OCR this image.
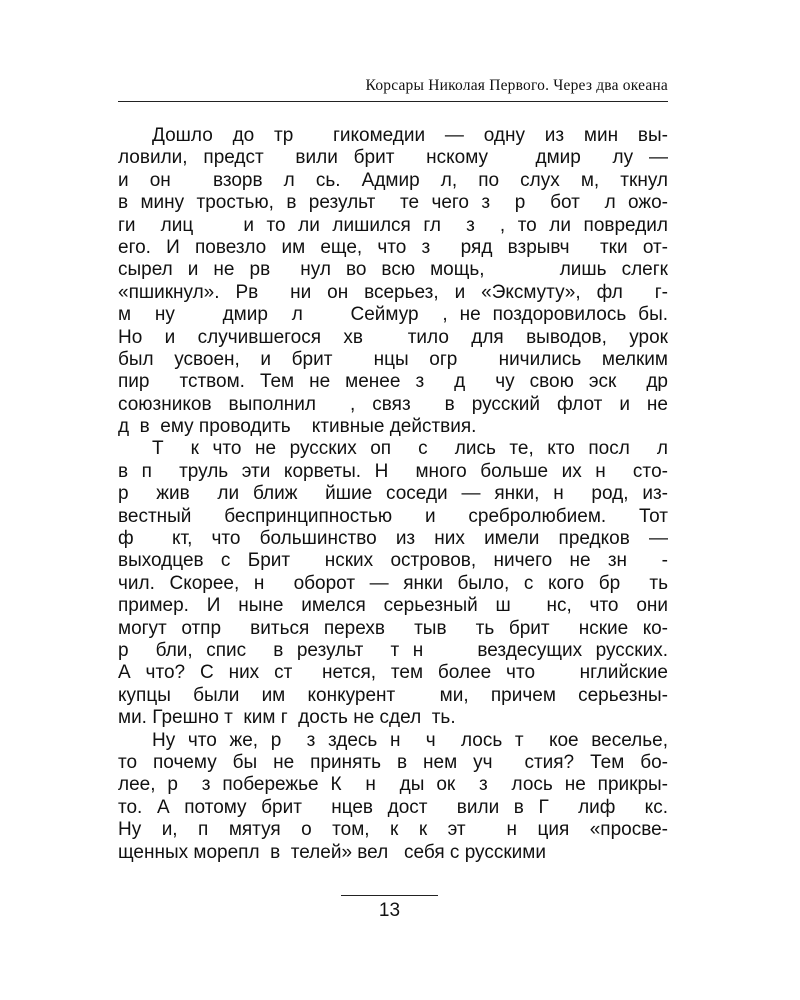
Корсары Николая Первого. Через два океана
Дошло до тр  гикомедии — одну из мин вы-
ловили, предст  вили брит  нскому   дмир  лу —
и  он    взорв  л  сь.  Адмир  л,  по  слух  м,  ткнул
в мину тростью, в результ  те чего з  р  бот  л ожо-
ги  лиц    и то ли лишился гл  з  , то ли повредил
его. И повезло им еще, что з  ряд взрывч  тки от-
сырел и не рв  нул во всю мощь,     лишь слегк
«пшикнул». Рв  ни он всерьез, и «Эксмуту», фл  г-
м  ну    дмир  л    Сеймур  , не поздоровилось бы.
Но и случившегося хв  тило для выводов, урок
был усвоен, и брит  нцы огр  ничились мелким
пир  тством. Тем не менее з  д  чу свою эск  др
союзников выполнил  , связ  в русский флот и не
д  в  ему проводить    ктивные действия.
Т  к что не русских оп  с  лись те, кто посл  л
в п  труль эти корветы. Н  много больше их н  стo-
р  жив  ли ближ  йшие соседи — янки, н  род, из-
вестный беспринципностью и сребролюбием. Тот
ф  кт, что большинство из них имели предков —
выходцев с Брит  нских островов, ничего не зн  -
чил. Скорее, н  оборот — янки было, с кого бр  ть
пример. И ныне имелся серьезный ш  нс, что они
могут отпр  виться перехв  тыв  ть брит  нские кo-
р  бли, спис  в результ  т н    вездесущих русских.
А что? С них ст  нется, тем более что   нглийские
купцы были им конкурент  ми, причем серьезны-
ми. Грешно т  ким г  дость не сдел  ть.
Ну что же, р  з здесь н  ч  лось т  кое веселье,
то почему бы не принять в нем уч  стия? Тем бо-
лее, р  з побережье К  н  ды ок  з  лось не прикры-
то. А потому брит  нцев дост  вили в Г  лиф  кс.
Ну  и,  п  мятуя  о  том,  к  к  эт    н  ция  «просве-
щенных морепл  в  телей» вел   себя с русскими
13
